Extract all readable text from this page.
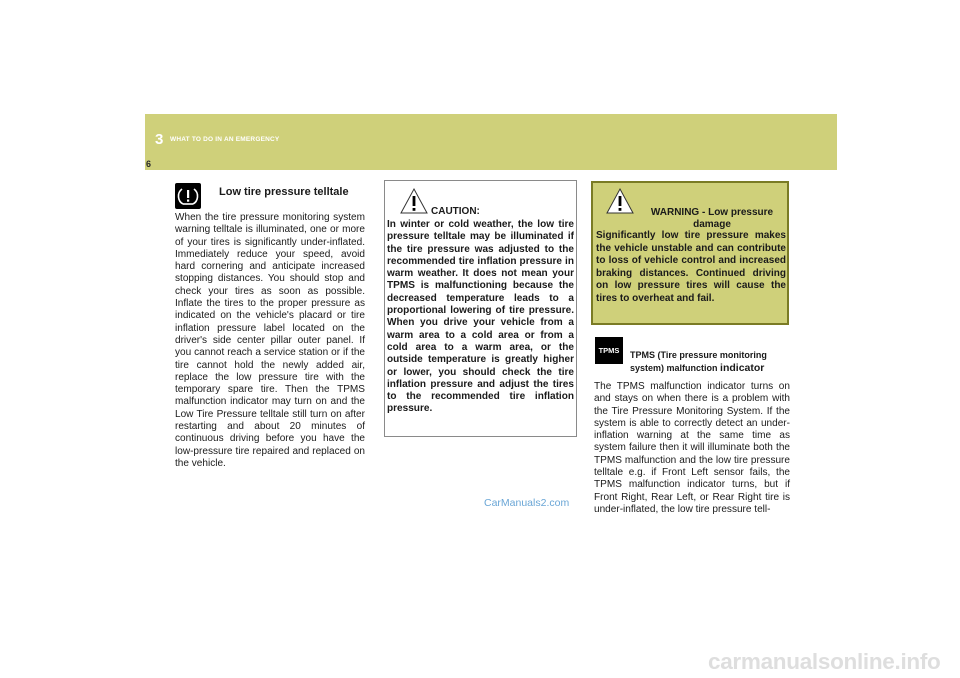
3 WHAT TO DO IN AN EMERGENCY
6
Low tire pressure telltale

When the tire pressure monitoring system warning telltale is illuminated, one or more of your tires is significantly under-inflated. Immediately reduce your speed, avoid hard cornering and anticipate increased stopping distances. You should stop and check your tires as soon as possible. Inflate the tires to the proper pressure as indicated on the vehicle's placard or tire inflation pressure label located on the driver's side center pillar outer panel. If you cannot reach a service station or if the tire cannot hold the newly added air, replace the low pressure tire with the temporary spare tire. Then the TPMS malfunction indicator may turn on and the Low Tire Pressure telltale still turn on after restarting and about 20 minutes of continuous driving before you have the low-pressure tire repaired and replaced on the vehicle.

CAUTION:

In winter or cold weather, the low tire pressure telltale may be illuminated if the tire pressure was adjusted to the recommended tire inflation pressure in warm weather. It does not mean your TPMS is malfunctioning because the decreased temperature leads to a proportional lowering of tire pressure. When you drive your vehicle from a warm area to a cold area or from a cold area to a warm area, or the outside temperature is greatly higher or lower, you should check the tire inflation pressure and adjust the tires to the recommended tire inflation pressure.

WARNING - Low pressure damage

Significantly low tire pressure makes the vehicle unstable and can contribute to loss of vehicle control and increased braking distances. Continued driving on low pressure tires will cause the tires to overheat and fail.

TPMS	TPMS (Tire pressure monitoring system) malfunction indicator

The TPMS malfunction indicator turns on and stays on when there is a problem with the Tire Pressure Monitoring System. If the system is able to correctly detect an under-inflation warning at the same time as system failure then it will illuminate both the TPMS malfunction and the low tire pressure telltale e.g. if Front Left sensor fails, the TPMS malfunction indicator turns, but if Front Right, Rear Left, or Rear Right tire is under-inflated, the low tire pressure tell-

CarManuals2.com
carmanualsonline.info
